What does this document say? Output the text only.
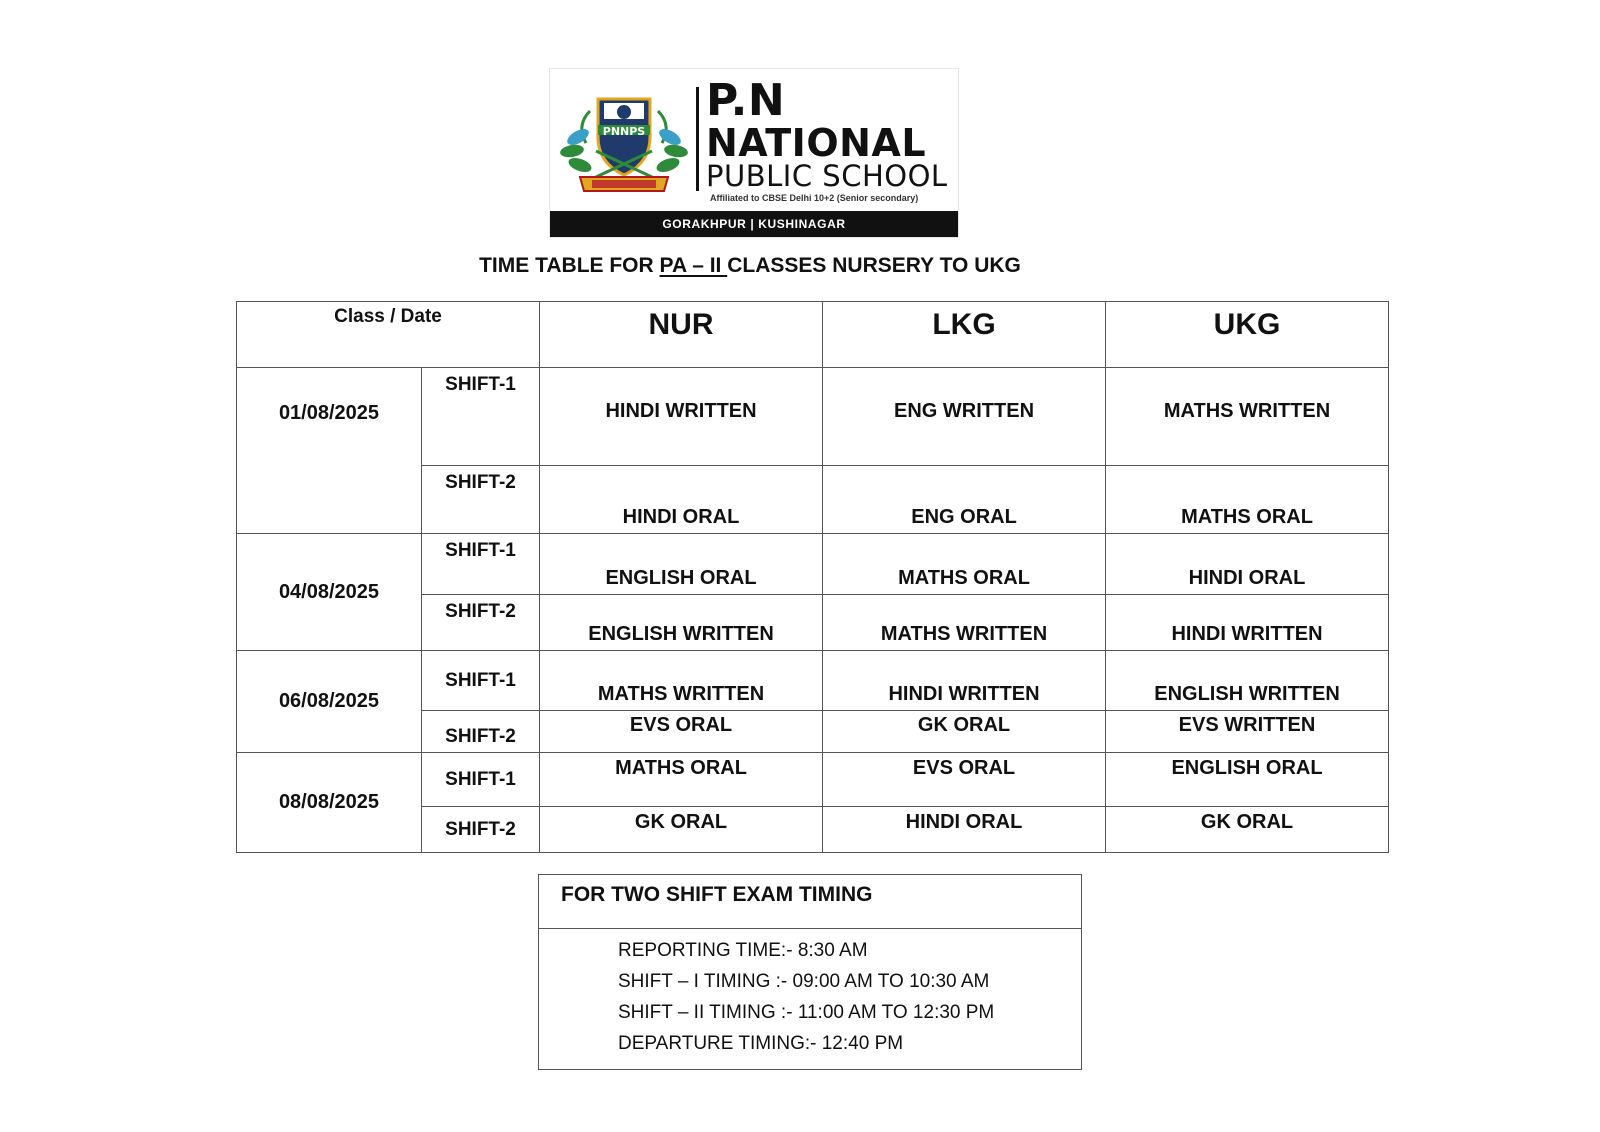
PNNPS
P.N
NATIONAL
PUBLIC SCHOOL
Affiliated to CBSE Delhi 10+2 (Senior secondary)
GORAKHPUR | KUSHINAGAR
TIME TABLE FOR PA – II CLASSES NURSERY TO UKG
Class / Date		NUR	LKG	UKG
01/08/2025	SHIFT-1	HINDI WRITTEN	ENG WRITTEN	MATHS WRITTEN
	SHIFT-2	HINDI ORAL	ENG ORAL	MATHS ORAL
04/08/2025	SHIFT-1	ENGLISH ORAL	MATHS ORAL	HINDI ORAL
	SHIFT-2	ENGLISH WRITTEN	MATHS WRITTEN	HINDI WRITTEN
06/08/2025	SHIFT-1	MATHS WRITTEN	HINDI WRITTEN	ENGLISH WRITTEN
	SHIFT-2	EVS ORAL	GK ORAL	EVS WRITTEN
08/08/2025	SHIFT-1	MATHS ORAL	EVS ORAL	ENGLISH ORAL
	SHIFT-2	GK ORAL	HINDI ORAL	GK ORAL
FOR TWO SHIFT EXAM TIMING
REPORTING TIME:- 8:30 AM
SHIFT – I TIMING :- 09:00 AM TO 10:30 AM
SHIFT – II TIMING :- 11:00 AM TO 12:30 PM
DEPARTURE TIMING:- 12:40 PM
